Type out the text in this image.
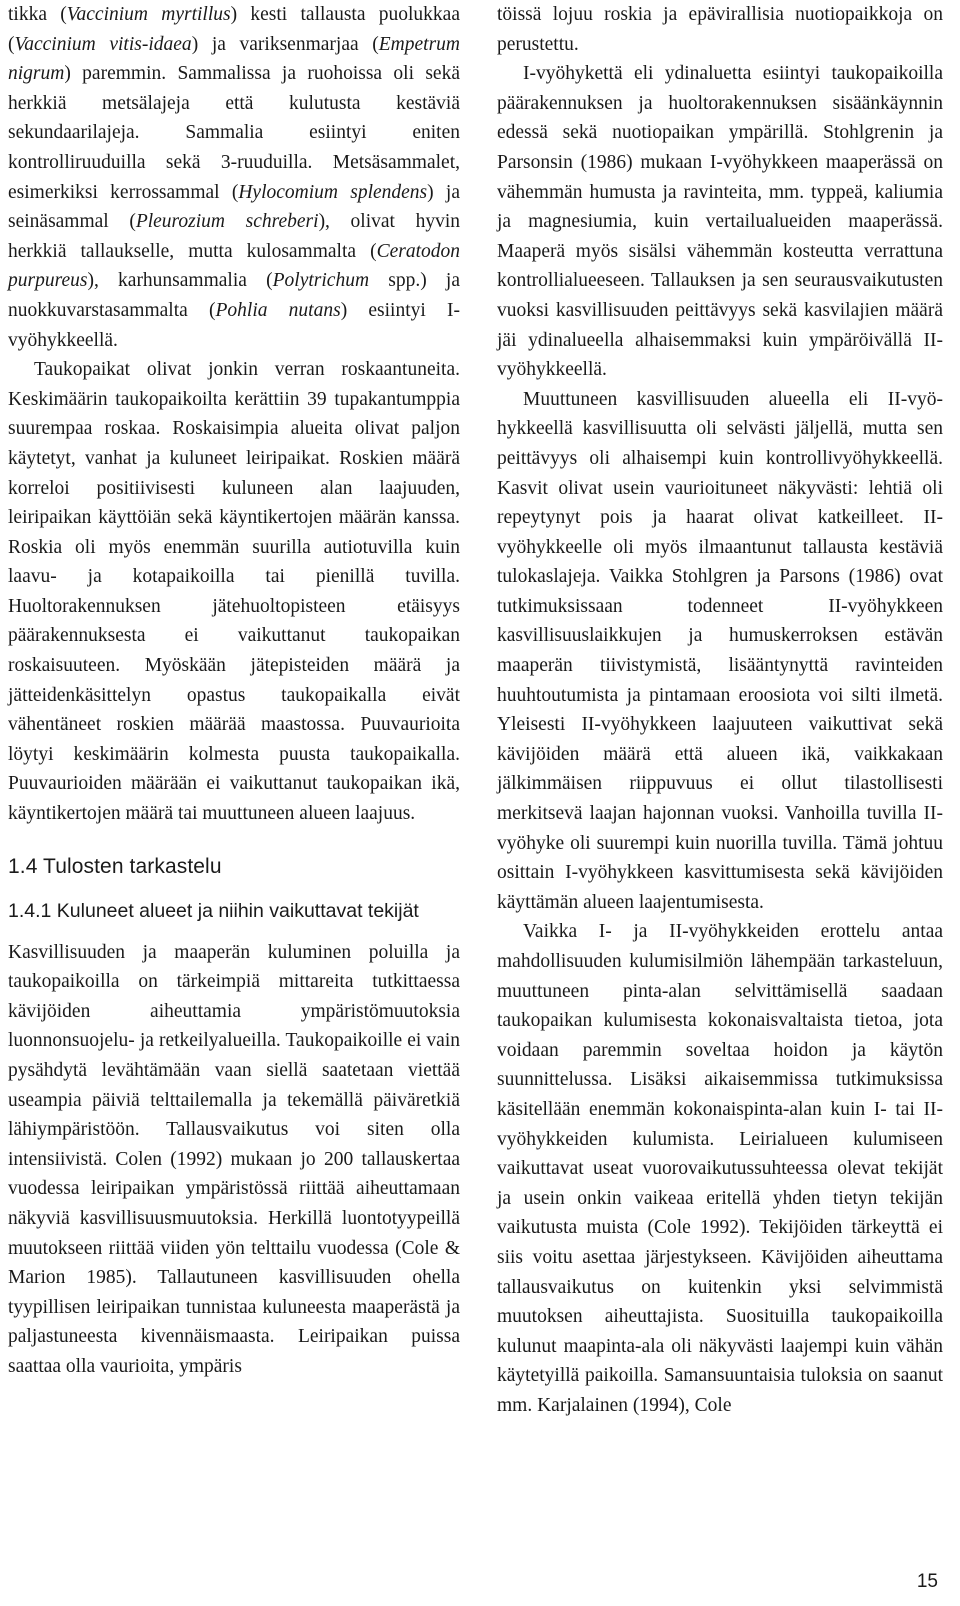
tikka (Vaccinium myrtillus) kesti tallausta puolukkaa (Vaccinium vitis-idaea) ja variksenmarjaa (Empetrum nigrum) paremmin. Sammalissa ja ruohoissa oli sekä herkkiä metsälajeja että kulutusta kestäviä sekundaarilajeja. Sammalia esiintyi eniten kontrolliruuduilla sekä 3-ruuduilla. Metsäsammalet, esimerkiksi kerrossammal (Hylocomium splendens) ja seinäsammal (Pleurozium schreberi), olivat hyvin herkkiä tallaukselle, mutta kulosammalta (Ceratodon purpureus), karhunsammalia (Polytrichum spp.) ja nuokkuvarstasammalta (Pohlia nutans) esiintyi I-vyöhykkeellä.

Taukopaikat olivat jonkin verran roskaantuneita. Keskimäärin taukopaikoilta kerättiin 39 tupakantumppia suurempaa roskaa. Roskaisimpia alueita olivat paljon käytetyt, vanhat ja kuluneet leiripaikat. Roskien määrä korreloi positiivisesti kuluneen alan laajuuden, leiripaikan käyttöiän sekä käyntikertojen määrän kanssa. Roskia oli myös enemmän suurilla autiotuvilla kuin laavu- ja kotapaikoilla tai pienillä tuvilla. Huoltorakennuksen jätehuoltopisteen etäisyys päärakennuksesta ei vaikuttanut taukopaikan roskaisuuteen. Myöskään jätepisteiden määrä ja jätteidenkäsittelyn opastus taukopaikalla eivät vähentäneet roskien määrää maastossa. Puuvaurioita löytyi keskimäärin kolmesta puusta taukopaikalla. Puuvaurioiden määrään ei vaikuttanut taukopaikan ikä, käyntikertojen määrä tai muuttuneen alueen laajuus.

1.4 Tulosten tarkastelu
1.4.1 Kuluneet alueet ja niihin vaikuttavat tekijät

Kasvillisuuden ja maaperän kuluminen poluilla ja taukopaikoilla on tärkeimpiä mittareita tutkittaessa kävijöiden aiheuttamia ympäristömuutoksia luonnonsuojelu- ja retkeilyalueilla. Taukopaikoille ei vain pysähdytä levähtämään vaan siellä saatetaan viettää useampia päiviä telttailemalla ja tekemällä päiväretkiä lähiympäristöön. Tallausvaikutus voi siten olla intensiivistä. Colen (1992) mukaan jo 200 tallauskertaa vuodessa leiripaikan ympäristössä riittää aiheuttamaan näkyviä kasvillisuusmuutoksia. Herkillä luontotyypeillä muutokseen riittää viiden yön telttailu vuodessa (Cole & Marion 1985). Tallautuneen kasvillisuuden ohella tyypillisen leiripaikan tunnistaa kuluneesta maaperästä ja paljastuneesta kivennäismaasta. Leiripaikan puissa saattaa olla vaurioita, ympäris

töissä lojuu roskia ja epävirallisia nuotiopaikkoja on perustettu.

I-vyöhykettä eli ydinaluetta esiintyi taukopaikoilla päärakennuksen ja huoltorakennuksen sisäänkäynnin edessä sekä nuotiopaikan ympärillä. Stohlgrenin ja Parsonsin (1986) mukaan I-vyöhykkeen maaperässä on vähemmän humusta ja ravinteita, mm. typpeä, kaliumia ja magnesiumia, kuin vertailualueiden maaperässä. Maaperä myös sisälsi vähemmän kosteutta verrattuna kontrollialueeseen. Tallauksen ja sen seurausvaikutusten vuoksi kasvillisuuden peittävyys sekä kasvilajien määrä jäi ydinalueella alhaisemmaksi kuin ympäröivällä II-vyöhykkeellä.

Muuttuneen kasvillisuuden alueella eli II-vyöhykkeellä kasvillisuutta oli selvästi jäljellä, mutta sen peittävyys oli alhaisempi kuin kontrollivyöhykkeellä. Kasvit olivat usein vaurioituneet näkyvästi: lehtiä oli repeytynyt pois ja haarat olivat katkeilleet. II-vyöhykkeelle oli myös ilmaantunut tallausta kestäviä tulokaslajeja. Vaikka Stohlgren ja Parsons (1986) ovat tutkimuksissaan todenneet II-vyöhykkeen kasvillisuuslaikkujen ja humuskerroksen estävän maaperän tiivistymistä, lisääntynyttä ravinteiden huuhtoutumista ja pintamaan eroosiota voi silti ilmetä. Yleisesti II-vyöhykkeen laajuuteen vaikuttivat sekä kävijöiden määrä että alueen ikä, vaikkakaan jälkimmäisen riippuvuus ei ollut tilastollisesti merkitsevä laajan hajonnan vuoksi. Vanhoilla tuvilla II-vyöhyke oli suurempi kuin nuorilla tuvilla. Tämä johtuu osittain I-vyöhykkeen kasvittumisesta sekä kävijöiden käyttämän alueen laajentumisesta.

Vaikka I- ja II-vyöhykkeiden erottelu antaa mahdollisuuden kulumisilmiön lähempään tarkasteluun, muuttuneen pinta-alan selvittämisellä saadaan taukopaikan kulumisesta kokonaisvaltaista tietoa, jota voidaan paremmin soveltaa hoidon ja käytön suunnittelussa. Lisäksi aikaisemmissa tutkimuksissa käsitellään enemmän kokonaispinta-alan kuin I- tai II-vyöhykkeiden kulumista. Leirialueen kulumiseen vaikuttavat useat vuorovaikutussuhteessa olevat tekijät ja usein onkin vaikeaa eritellä yhden tietyn tekijän vaikutusta muista (Cole 1992). Tekijöiden tärkeyttä ei siis voitu asettaa järjestykseen. Kävijöiden aiheuttama tallausvaikutus on kuitenkin yksi selvimmistä muutoksen aiheuttajista. Suosituilla taukopaikoilla kulunut maapinta-ala oli näkyvästi laajempi kuin vähän käytetyillä paikoilla. Samansuuntaisia tuloksia on saanut mm. Karjalainen (1994), Cole

15
